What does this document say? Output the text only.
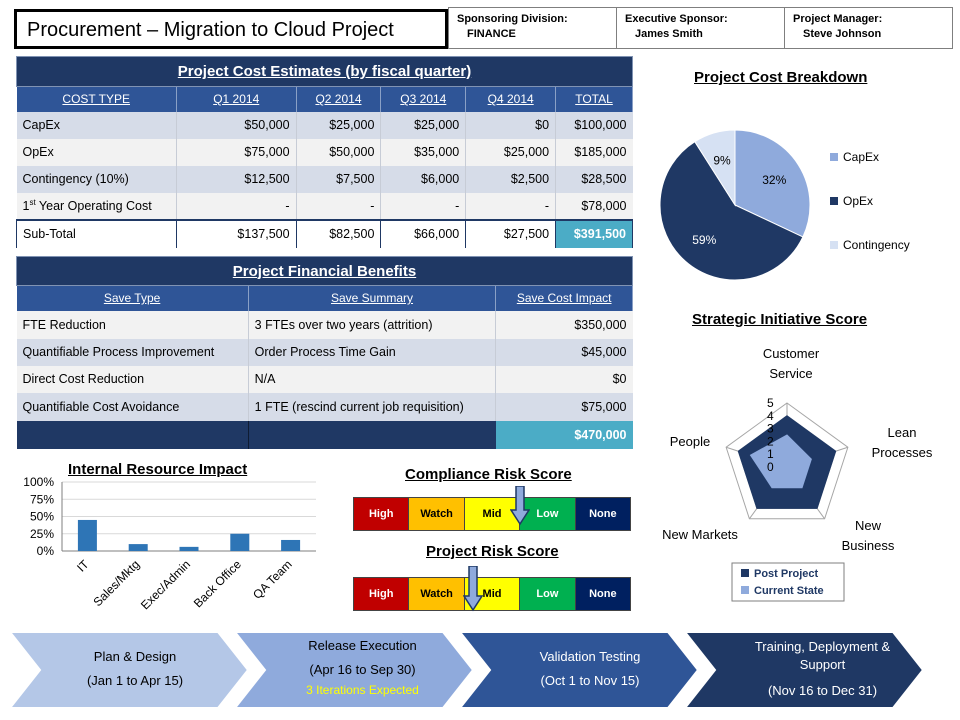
Procurement – Migration to Cloud Project	Sponsoring Division:
FINANCE
Executive Sponsor:
James Smith
Project Manager:
Steve Johnson
Project Cost Estimates (by fiscal quarter)					
COST TYPE	Q1 2014	Q2 2014	Q3 2014	Q4 2014	TOTAL
CapEx	$50,000	$25,000	$25,000	$0	$100,000
OpEx	$75,000	$50,000	$35,000	$25,000	$185,000
Contingency (10%)	$12,500	$7,500	$6,000	$2,500	$28,500
1st Year Operating Cost	-	-	-	-	$78,000
Sub-Total	$137,500	$82,500	$66,000	$27,500	$391,500
Project Financial Benefits		
Save Type	Save Summary	Save Cost Impact
FTE Reduction	3 FTEs over two years (attrition)	$350,000
Quantifiable Process Improvement	Order Process Time Gain	$45,000
Direct Cost Reduction	N/A	$0
Quantifiable Cost Avoidance	1 FTE (rescind current job requisition)	$75,000
		$470,000
Project Cost Breakdown
32%
59%
9%	CapEx
OpEx
Contingency
Strategic Initiative Score
0
1
2
3
4
5
Customer Service
Lean Processes
New Business
New Markets
People
Post Project
Current State
Internal Resource Impact
0%
25%
50%
75%
100%
IT
Sales/Mktg
Exec/Admin
Back Office QA Team
Compliance Risk Score
High	Watch	Mid	Low	None
Project Risk Score
High	Watch	Mid	Low	None
Plan & Design
(Jan 1 to Apr 15)
Release Execution
(Apr 16 to Sep 30)
3 Iterations Expected
Validation Testing
(Oct 1 to Nov 15)
Training, Deployment & Support
(Nov 16 to Dec 31)
